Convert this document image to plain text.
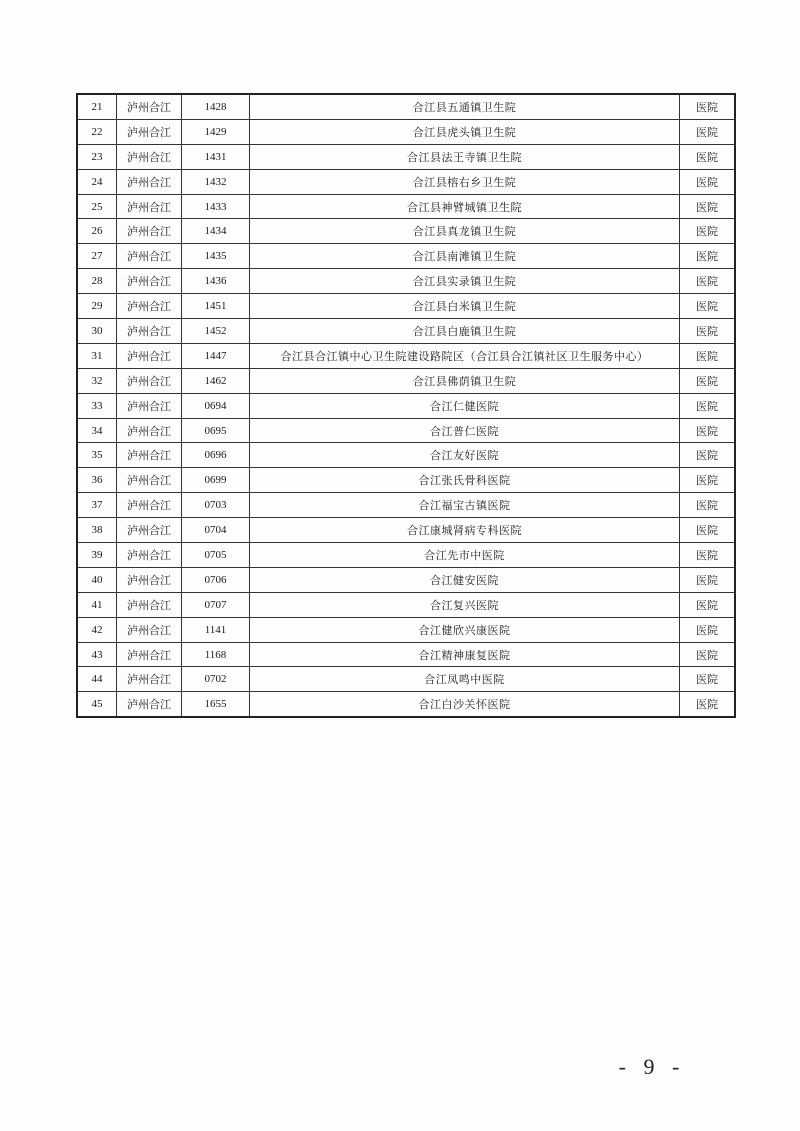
21	泸州合江	1428	合江县五通镇卫生院	医院
22	泸州合江	1429	合江县虎头镇卫生院	医院
23	泸州合江	1431	合江县法王寺镇卫生院	医院
24	泸州合江	1432	合江县榕右乡卫生院	医院
25	泸州合江	1433	合江县神臂城镇卫生院	医院
26	泸州合江	1434	合江县真龙镇卫生院	医院
27	泸州合江	1435	合江县南滩镇卫生院	医院
28	泸州合江	1436	合江县实录镇卫生院	医院
29	泸州合江	1451	合江县白米镇卫生院	医院
30	泸州合江	1452	合江县白鹿镇卫生院	医院
31	泸州合江	1447	合江县合江镇中心卫生院建设路院区（合江县合江镇社区卫生服务中心）	医院
32	泸州合江	1462	合江县佛荫镇卫生院	医院
33	泸州合江	0694	合江仁健医院	医院
34	泸州合江	0695	合江普仁医院	医院
35	泸州合江	0696	合江友好医院	医院
36	泸州合江	0699	合江张氏骨科医院	医院
37	泸州合江	0703	合江福宝古镇医院	医院
38	泸州合江	0704	合江康城肾病专科医院	医院
39	泸州合江	0705	合江先市中医院	医院
40	泸州合江	0706	合江健安医院	医院
41	泸州合江	0707	合江复兴医院	医院
42	泸州合江	1141	合江健欣兴康医院	医院
43	泸州合江	1168	合江精神康复医院	医院
44	泸州合江	0702	合江凤鸣中医院	医院
45	泸州合江	1655	合江白沙关怀医院	医院
- 9 -
